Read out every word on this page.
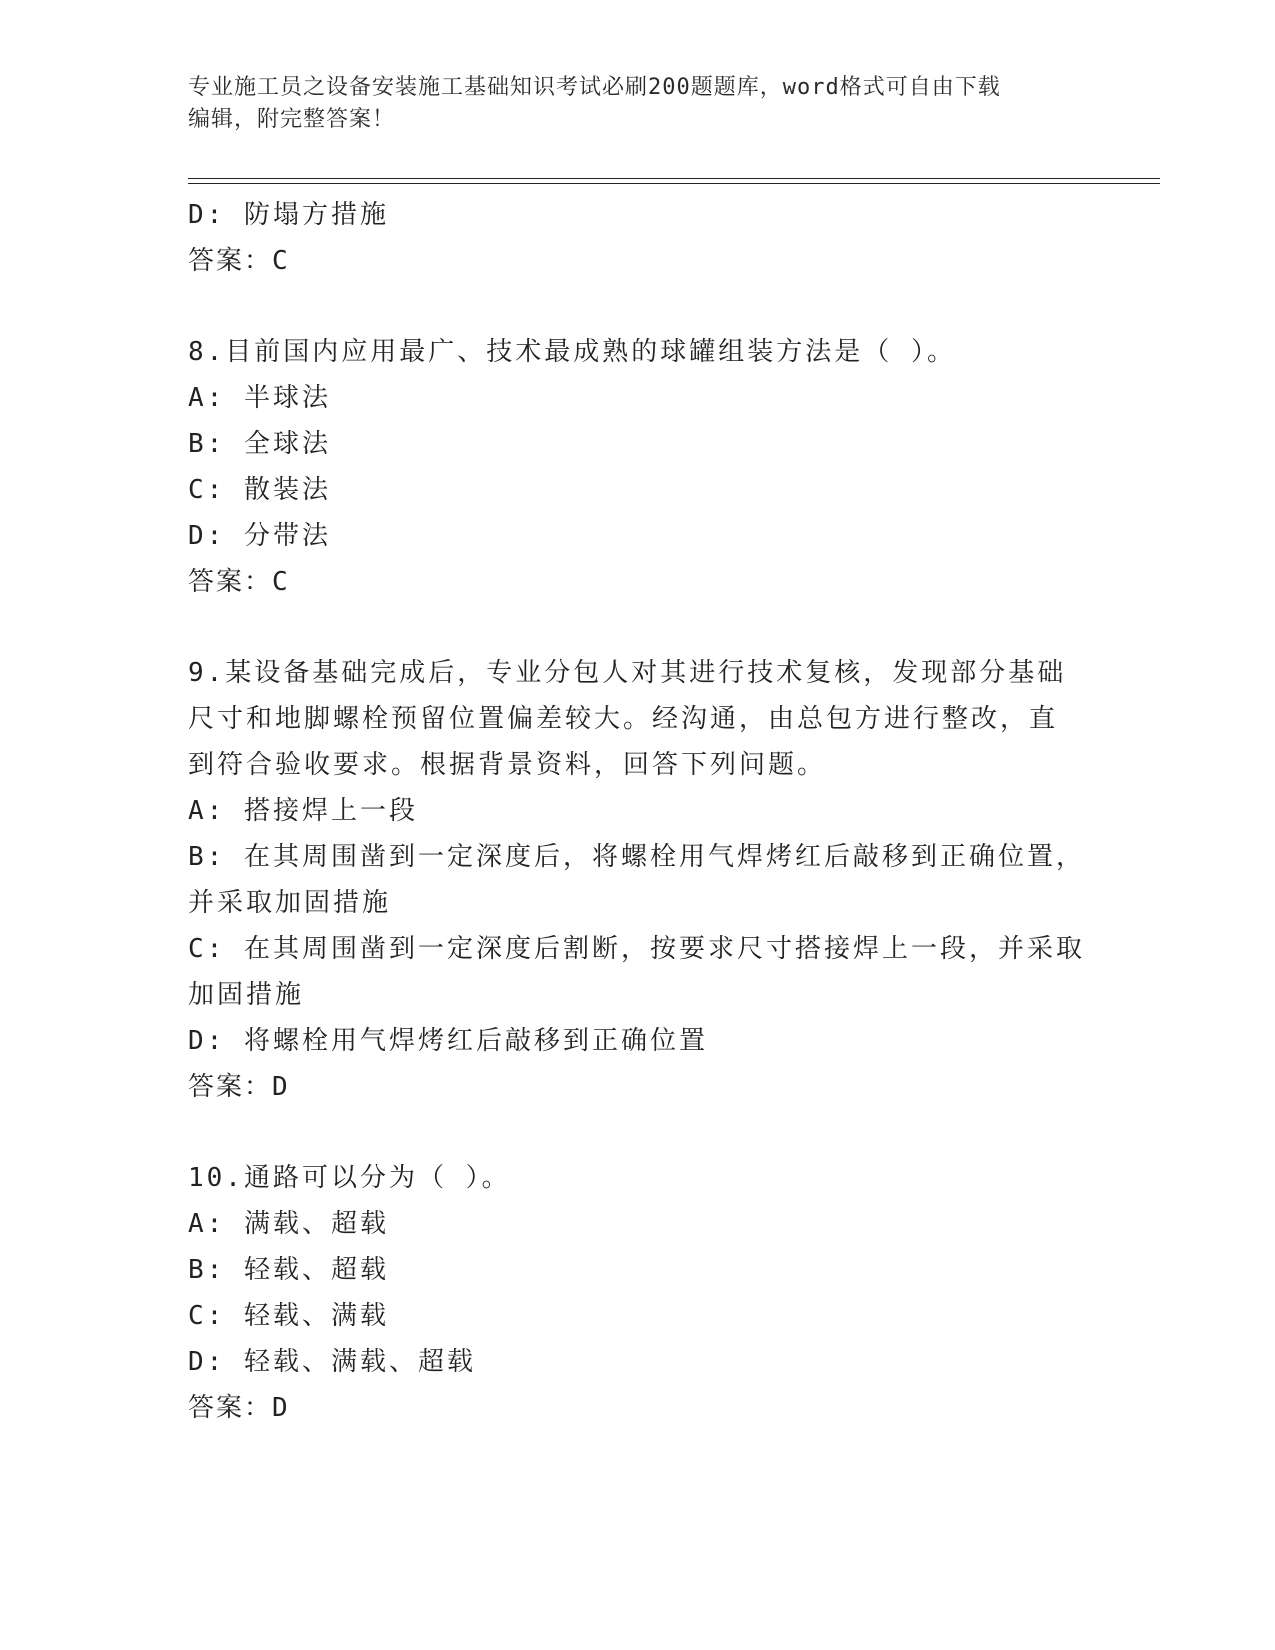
专业施工员之设备安装施工基础知识考试必刷200题题库，word格式可自由下载
编辑，附完整答案！
D: 防塌方措施
答案：C
8.目前国内应用最广、技术最成熟的球罐组装方法是（ ）。
A: 半球法
B: 全球法
C: 散装法
D: 分带法
答案：C
9.某设备基础完成后，专业分包人对其进行技术复核，发现部分基础
尺寸和地脚螺栓预留位置偏差较大。经沟通，由总包方进行整改，直
到符合验收要求。根据背景资料，回答下列问题。
A: 搭接焊上一段
B: 在其周围凿到一定深度后，将螺栓用气焊烤红后敲移到正确位置，
并采取加固措施
C: 在其周围凿到一定深度后割断，按要求尺寸搭接焊上一段，并采取
加固措施
D: 将螺栓用气焊烤红后敲移到正确位置
答案：D
10.通路可以分为（ ）。
A: 满载、超载
B: 轻载、超载
C: 轻载、满载
D: 轻载、满载、超载
答案：D
